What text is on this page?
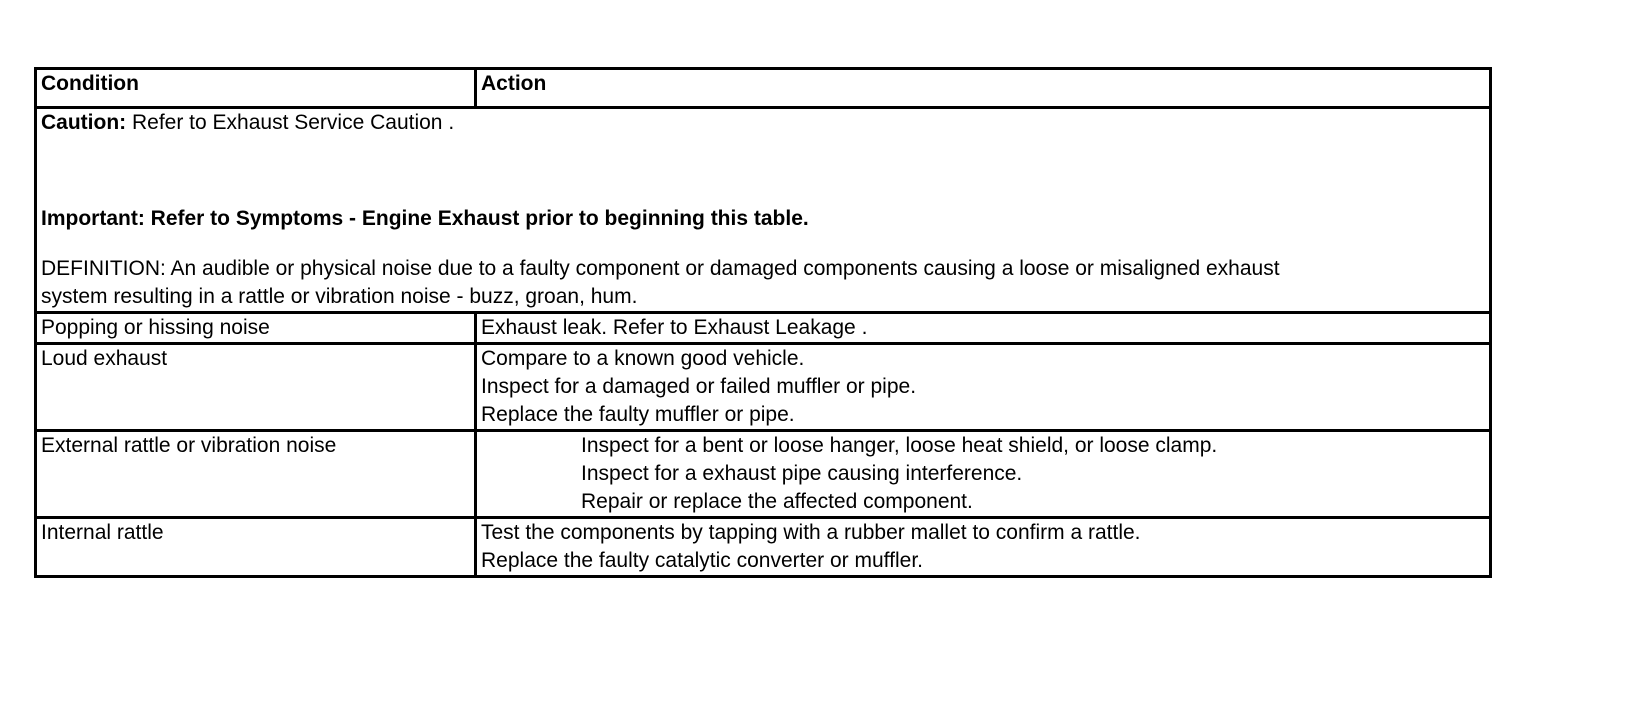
Condition	Action

Caution: Refer to Exhaust Service Caution .
Important: Refer to Symptoms - Engine Exhaust prior to beginning this table.
DEFINITION: An audible or physical noise due to a faulty component or damaged components causing a loose or misaligned exhaust
system resulting in a rattle or vibration noise - buzz, groan, hum.	

Popping or hissing noise	Exhaust leak. Refer to Exhaust Leakage .

Loud exhaust	Compare to a known good vehicle.
Inspect for a damaged or failed muffler or pipe.
Replace the faulty muffler or pipe.

External rattle or vibration noise	Inspect for a bent or loose hanger, loose heat shield, or loose clamp.
Inspect for a exhaust pipe causing interference.
Repair or replace the affected component.

Internal rattle	Test the components by tapping with a rubber mallet to confirm a rattle.
Replace the faulty catalytic converter or muffler.
